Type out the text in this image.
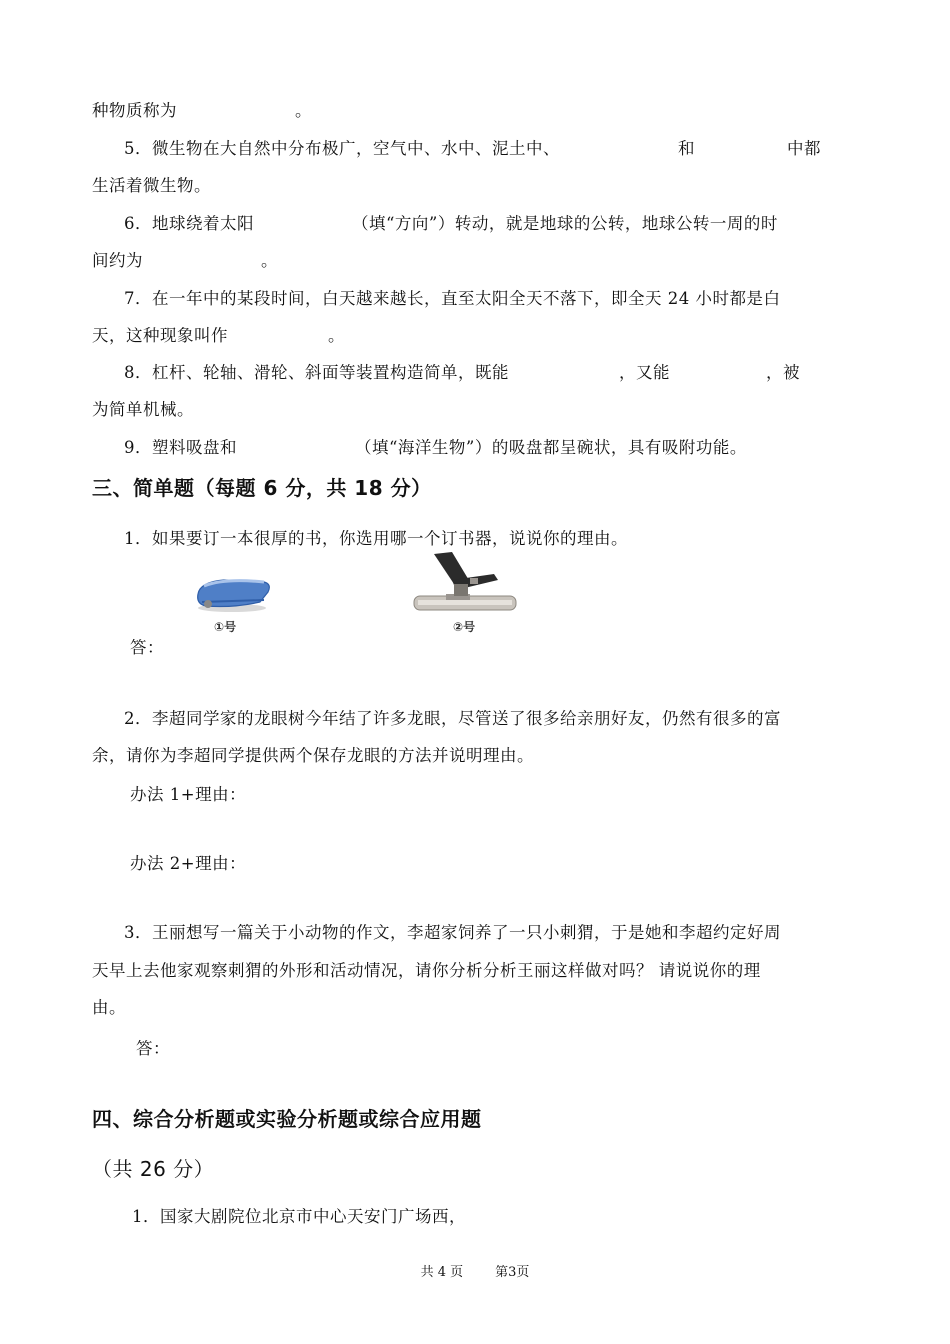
种物质称为	。
5．微生物在大自然中分布极广，空气中、水中、泥土中、	和	中都
生活着微生物。
6．地球绕着太阳	（填“方向”）转动，就是地球的公转，地球公转一周的时
间约为	。
7．在一年中的某段时间，白天越来越长，直至太阳全天不落下，即全天 24 小时都是白
天，这种现象叫作	。
8．杠杆、轮轴、滑轮、斜面等装置构造简单，既能	，又能	，被
为简单机械。
9．塑料吸盘和	（填“海洋生物”）的吸盘都呈碗状，具有吸附功能。
三、简单题（每题 6 分，共 18 分）
1．如果要订一本很厚的书，你选用哪一个订书器，说说你的理由。
①号	②号
答：
2．李超同学家的龙眼树今年结了许多龙眼，尽管送了很多给亲朋好友，仍然有很多的富
余，请你为李超同学提供两个保存龙眼的方法并说明理由。
办法 1+理由：
办法 2+理由：
3．王丽想写一篇关于小动物的作文，李超家饲养了一只小刺猬，于是她和李超约定好周
天早上去他家观察刺猬的外形和活动情况，请你分析分析王丽这样做对吗？ 请说说你的理
由。
答：
四、综合分析题或实验分析题或综合应用题
（共 26 分）
1．国家大剧院位北京市中心天安门广场西，
共 4 页 第3页
